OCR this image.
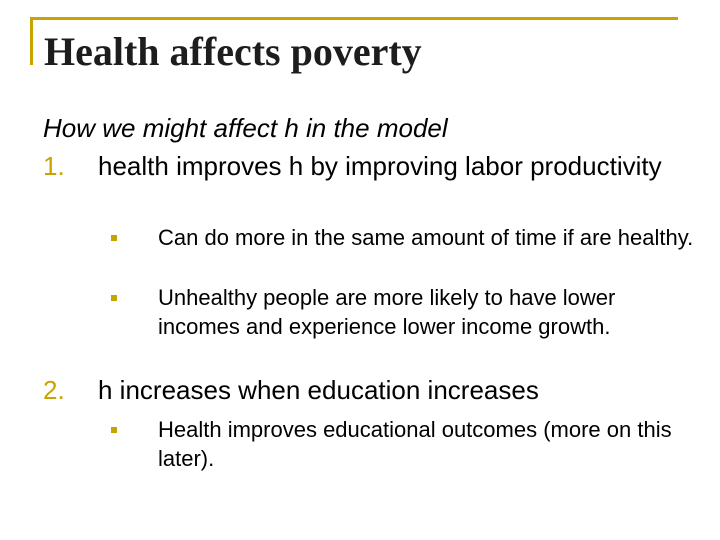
Health affects poverty

How we might affect h in the model

1. health improves h by improving labor productivity
Can do more in the same amount of time if are healthy.
Unhealthy people are more likely to have lower incomes and experience lower income growth.
2. h increases when education increases
Health improves educational outcomes (more on this later).
